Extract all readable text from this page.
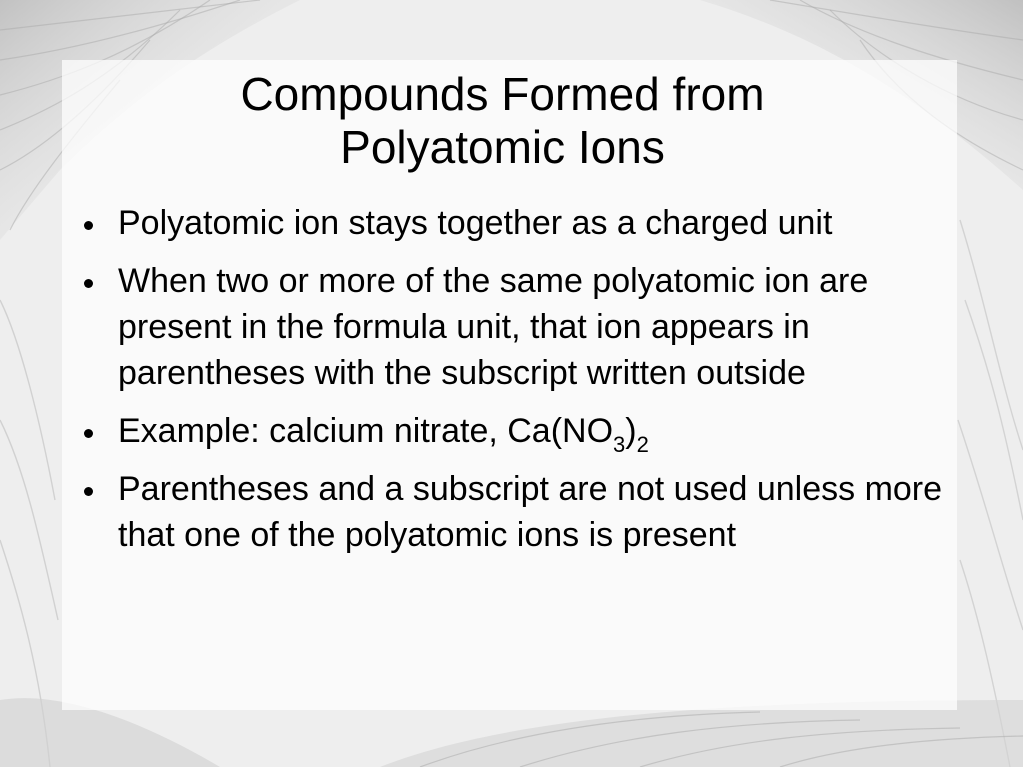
Compounds Formed from
Polyatomic Ions
Polyatomic ion stays together as a charged unit
When two or more of the same polyatomic ion are present in the formula unit, that ion appears in parentheses with the subscript written outside
Example: calcium nitrate, $Ca(NO_3)_2$
Parentheses and a subscript are not used unless more that one of the polyatomic ions is present
